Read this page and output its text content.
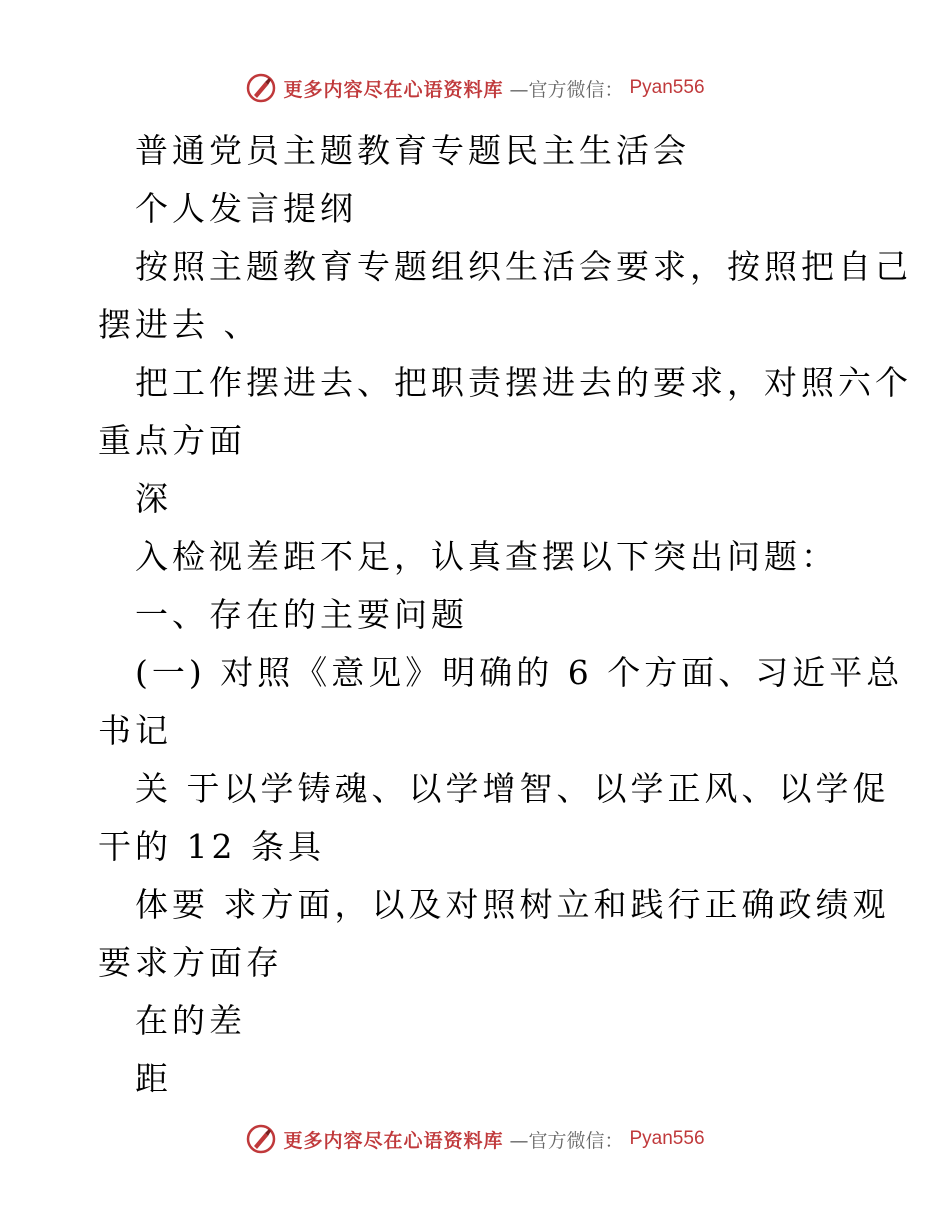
更多内容尽在心语资料库 —官方微信： Pyan556
普通党员主题教育专题民主生活会
个人发言提纲
按照主题教育专题组织生活会要求，按照把自己
摆进去 、
把工作摆进去、把职责摆进去的要求，对照六个
重点方面
深
入检视差距不足，认真查摆以下突出问题：
一、存在的主要问题
(一) 对照《意见》明确的 6 个方面、习近平总
书记
关 于以学铸魂、以学增智、以学正风、以学促
干的 12 条具
体要 求方面，以及对照树立和践行正确政绩观
要求方面存
在的差
距
更多内容尽在心语资料库 —官方微信： Pyan556
